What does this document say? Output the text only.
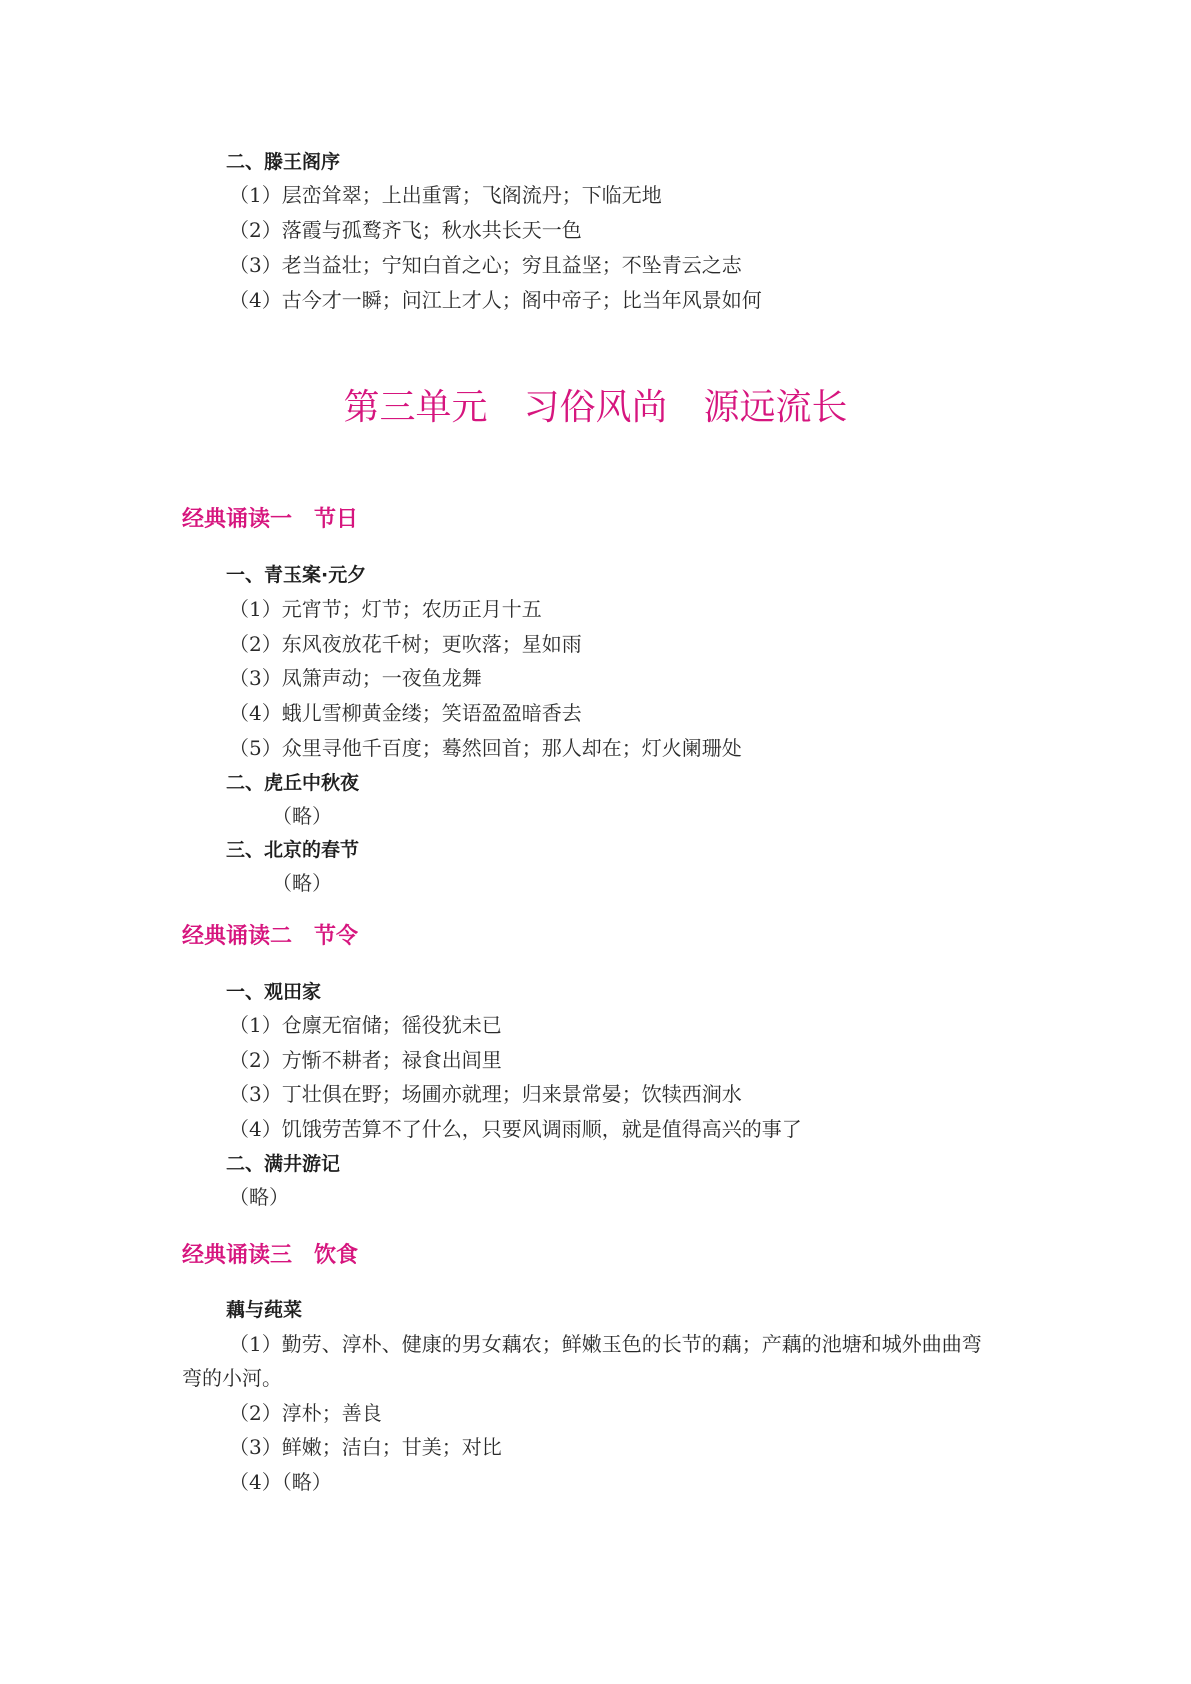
二、滕王阁序
（1）层峦耸翠；上出重霄；飞阁流丹；下临无地
（2）落霞与孤鹜齐飞；秋水共长天一色
（3）老当益壮；宁知白首之心；穷且益坚；不坠青云之志
（4）古今才一瞬；问江上才人；阁中帝子；比当年风景如何
第三单元　习俗风尚　源远流长
经典诵读一　节日
一、青玉案·元夕
（1）元宵节；灯节；农历正月十五
（2）东风夜放花千树；更吹落；星如雨
（3）凤箫声动；一夜鱼龙舞
（4）蛾儿雪柳黄金缕；笑语盈盈暗香去
（5）众里寻他千百度；蓦然回首；那人却在；灯火阑珊处
二、虎丘中秋夜
（略）
三、北京的春节
（略）
经典诵读二　节令
一、观田家
（1）仓廪无宿储；徭役犹未已
（2）方惭不耕者；禄食出闾里
（3）丁壮俱在野；场圃亦就理；归来景常晏；饮犊西涧水
（4）饥饿劳苦算不了什么，只要风调雨顺，就是值得高兴的事了
二、满井游记
（略）
经典诵读三　饮食
藕与莼菜
（1）勤劳、淳朴、健康的男女藕农；鲜嫩玉色的长节的藕；产藕的池塘和城外曲曲弯
弯的小河。
（2）淳朴；善良
（3）鲜嫩；洁白；甘美；对比
（4）（略）
